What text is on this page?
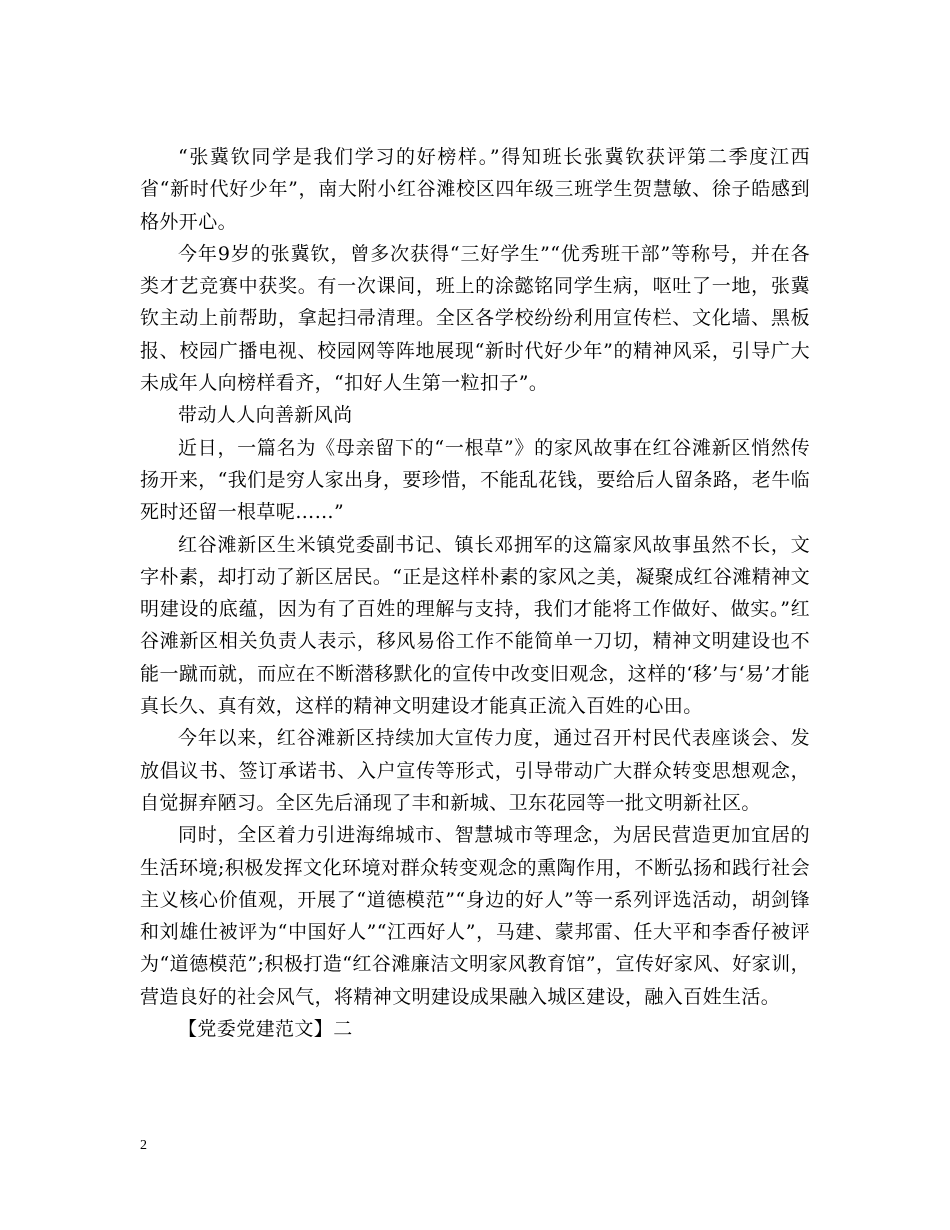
“张冀钦同学是我们学习的好榜样。”得知班长张冀钦获评第二季度江西省“新时代好少年”，南大附小红谷滩校区四年级三班学生贺慧敏、徐子皓感到格外开心。

今年9岁的张冀钦，曾多次获得“三好学生”“优秀班干部”等称号，并在各类才艺竞赛中获奖。有一次课间，班上的涂懿铭同学生病，呕吐了一地，张冀钦主动上前帮助，拿起扫帚清理。全区各学校纷纷利用宣传栏、文化墙、黑板报、校园广播电视、校园网等阵地展现“新时代好少年”的精神风采，引导广大未成年人向榜样看齐，“扣好人生第一粒扣子”。

带动人人向善新风尚

近日，一篇名为《母亲留下的“一根草”》的家风故事在红谷滩新区悄然传扬开来，“我们是穷人家出身，要珍惜，不能乱花钱，要给后人留条路，老牛临死时还留一根草呢……”

红谷滩新区生米镇党委副书记、镇长邓拥军的这篇家风故事虽然不长，文字朴素，却打动了新区居民。“正是这样朴素的家风之美，凝聚成红谷滩精神文明建设的底蕴，因为有了百姓的理解与支持，我们才能将工作做好、做实。”红谷滩新区相关负责人表示，移风易俗工作不能简单一刀切，精神文明建设也不能一蹴而就，而应在不断潜移默化的宣传中改变旧观念，这样的‘移’与‘易’才能真长久、真有效，这样的精神文明建设才能真正流入百姓的心田。

今年以来，红谷滩新区持续加大宣传力度，通过召开村民代表座谈会、发放倡议书、签订承诺书、入户宣传等形式，引导带动广大群众转变思想观念，自觉摒弃陋习。全区先后涌现了丰和新城、卫东花园等一批文明新社区。

同时，全区着力引进海绵城市、智慧城市等理念，为居民营造更加宜居的生活环境;积极发挥文化环境对群众转变观念的熏陶作用，不断弘扬和践行社会主义核心价值观，开展了“道德模范”“身边的好人”等一系列评选活动，胡剑锋和刘雄仕被评为“中国好人”“江西好人”，马建、蒙邦雷、任大平和李香仔被评为“道德模范”;积极打造“红谷滩廉洁文明家风教育馆”，宣传好家风、好家训，营造良好的社会风气，将精神文明建设成果融入城区建设，融入百姓生活。

【党委党建范文】二

2
